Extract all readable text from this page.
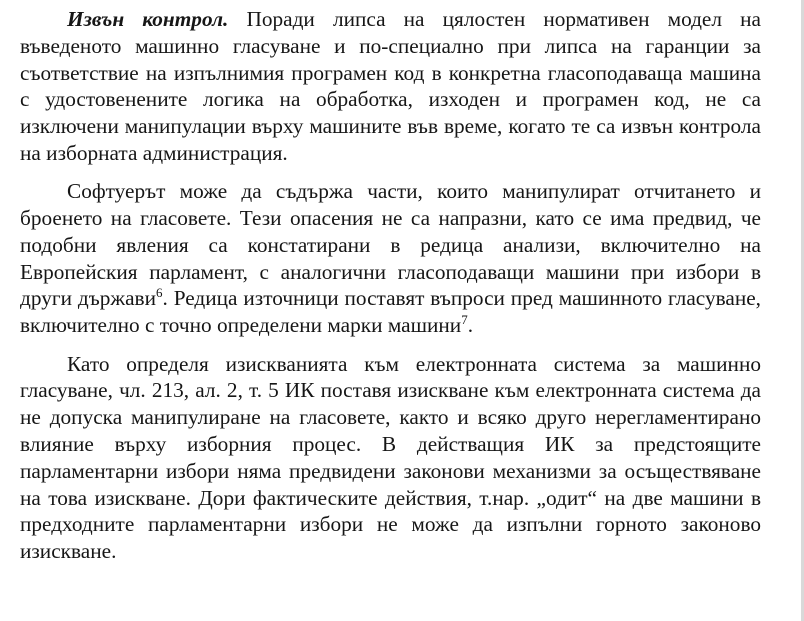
Извън контрол. Поради липса на цялостен нормативен модел на въведеното машинно гласуване и по-специално при липса на гаранции за съответствие на изпълнимия програмен код в конкретна гласоподаваща машина с удостовенените логика на обработка, изходен и програмен код, не са изключени манипулации върху машините във време, когато те са извън контрола на изборната администрация.

Софтуерът може да съдържа части, които манипулират отчитането и броенето на гласовете. Тези опасения не са напразни, като се има предвид, че подобни явления са констатирани в редица анализи, включително на Европейския парламент, с аналогични гласоподаващи машини при избори в други държави$^6$. Редица източници поставят въпроси пред машинното гласуване, включително с точно определени марки машини$^7$.

Като определя изискванията към електронната система за машинно гласуване, чл. 213, ал. 2, т. 5 ИК поставя изискване към електронната система да не допуска манипулиране на гласовете, както и всяко друго нерегламентирано влияние върху изборния процес. В действащия ИК за предстоящите парламентарни избори няма предвидени законови механизми за осъществяване на това изискване. Дори фактическите действия, т.нар. „одит“ на две машини в предходните парламентарни избори не може да изпълни горното законово изискване.
